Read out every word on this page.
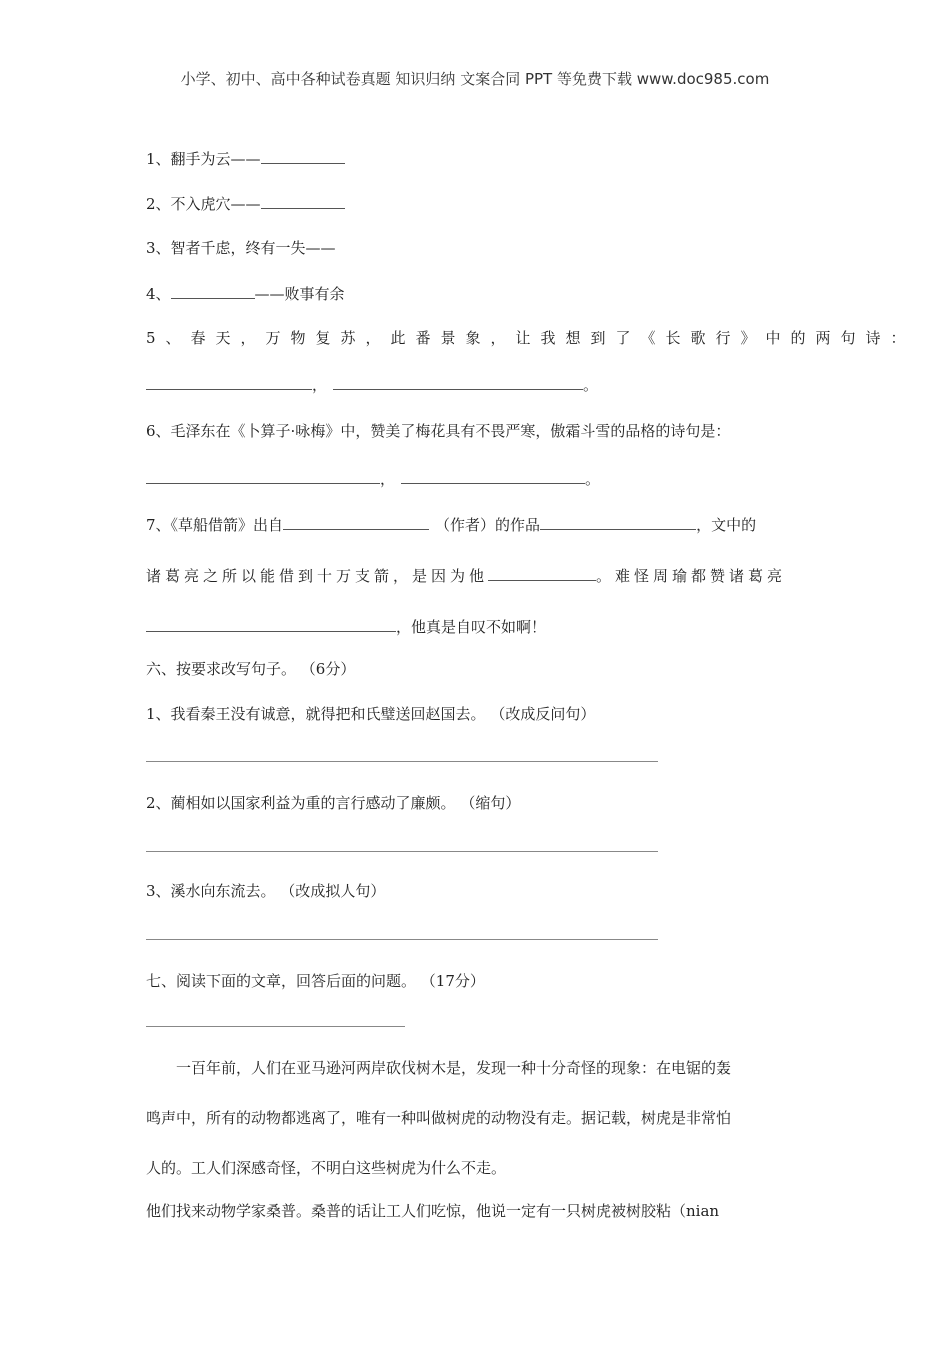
小学、初中、高中各种试卷真题 知识归纳 文案合同 PPT 等免费下载 www.doc985.com
1、翻手为云——
2、不入虎穴——
3、智者千虑，终有一失——
4、	——败事有余
5、春天，万物复苏，此番景象，让我想到了《长歌行》中的两句诗：
，	。
6、毛泽东在《卜算子·咏梅》中，赞美了梅花具有不畏严寒，傲霜斗雪的品格的诗句是：
，	。
7、《草船借箭》出自	（作者）的作品	，文中的
诸葛亮之所以能借到十万支箭，是因为他	。难怪周瑜都赞诸葛亮
，他真是自叹不如啊！
六、按要求改写句子。 （6分）
1、我看秦王没有诚意，就得把和氏璧送回赵国去。 （改成反问句）
2、蔺相如以国家利益为重的言行感动了廉颇。 （缩句）
3、溪水向东流去。 （改成拟人句）
七、阅读下面的文章，回答后面的问题。 （17分）
一百年前，人们在亚马逊河两岸砍伐树木是，发现一种十分奇怪的现象：在电锯的轰
鸣声中，所有的动物都逃离了，唯有一种叫做树虎的动物没有走。据记载，树虎是非常怕
人的。工人们深感奇怪，不明白这些树虎为什么不走。
他们找来动物学家桑普。桑普的话让工人们吃惊，他说一定有一只树虎被树胶粘（nian
